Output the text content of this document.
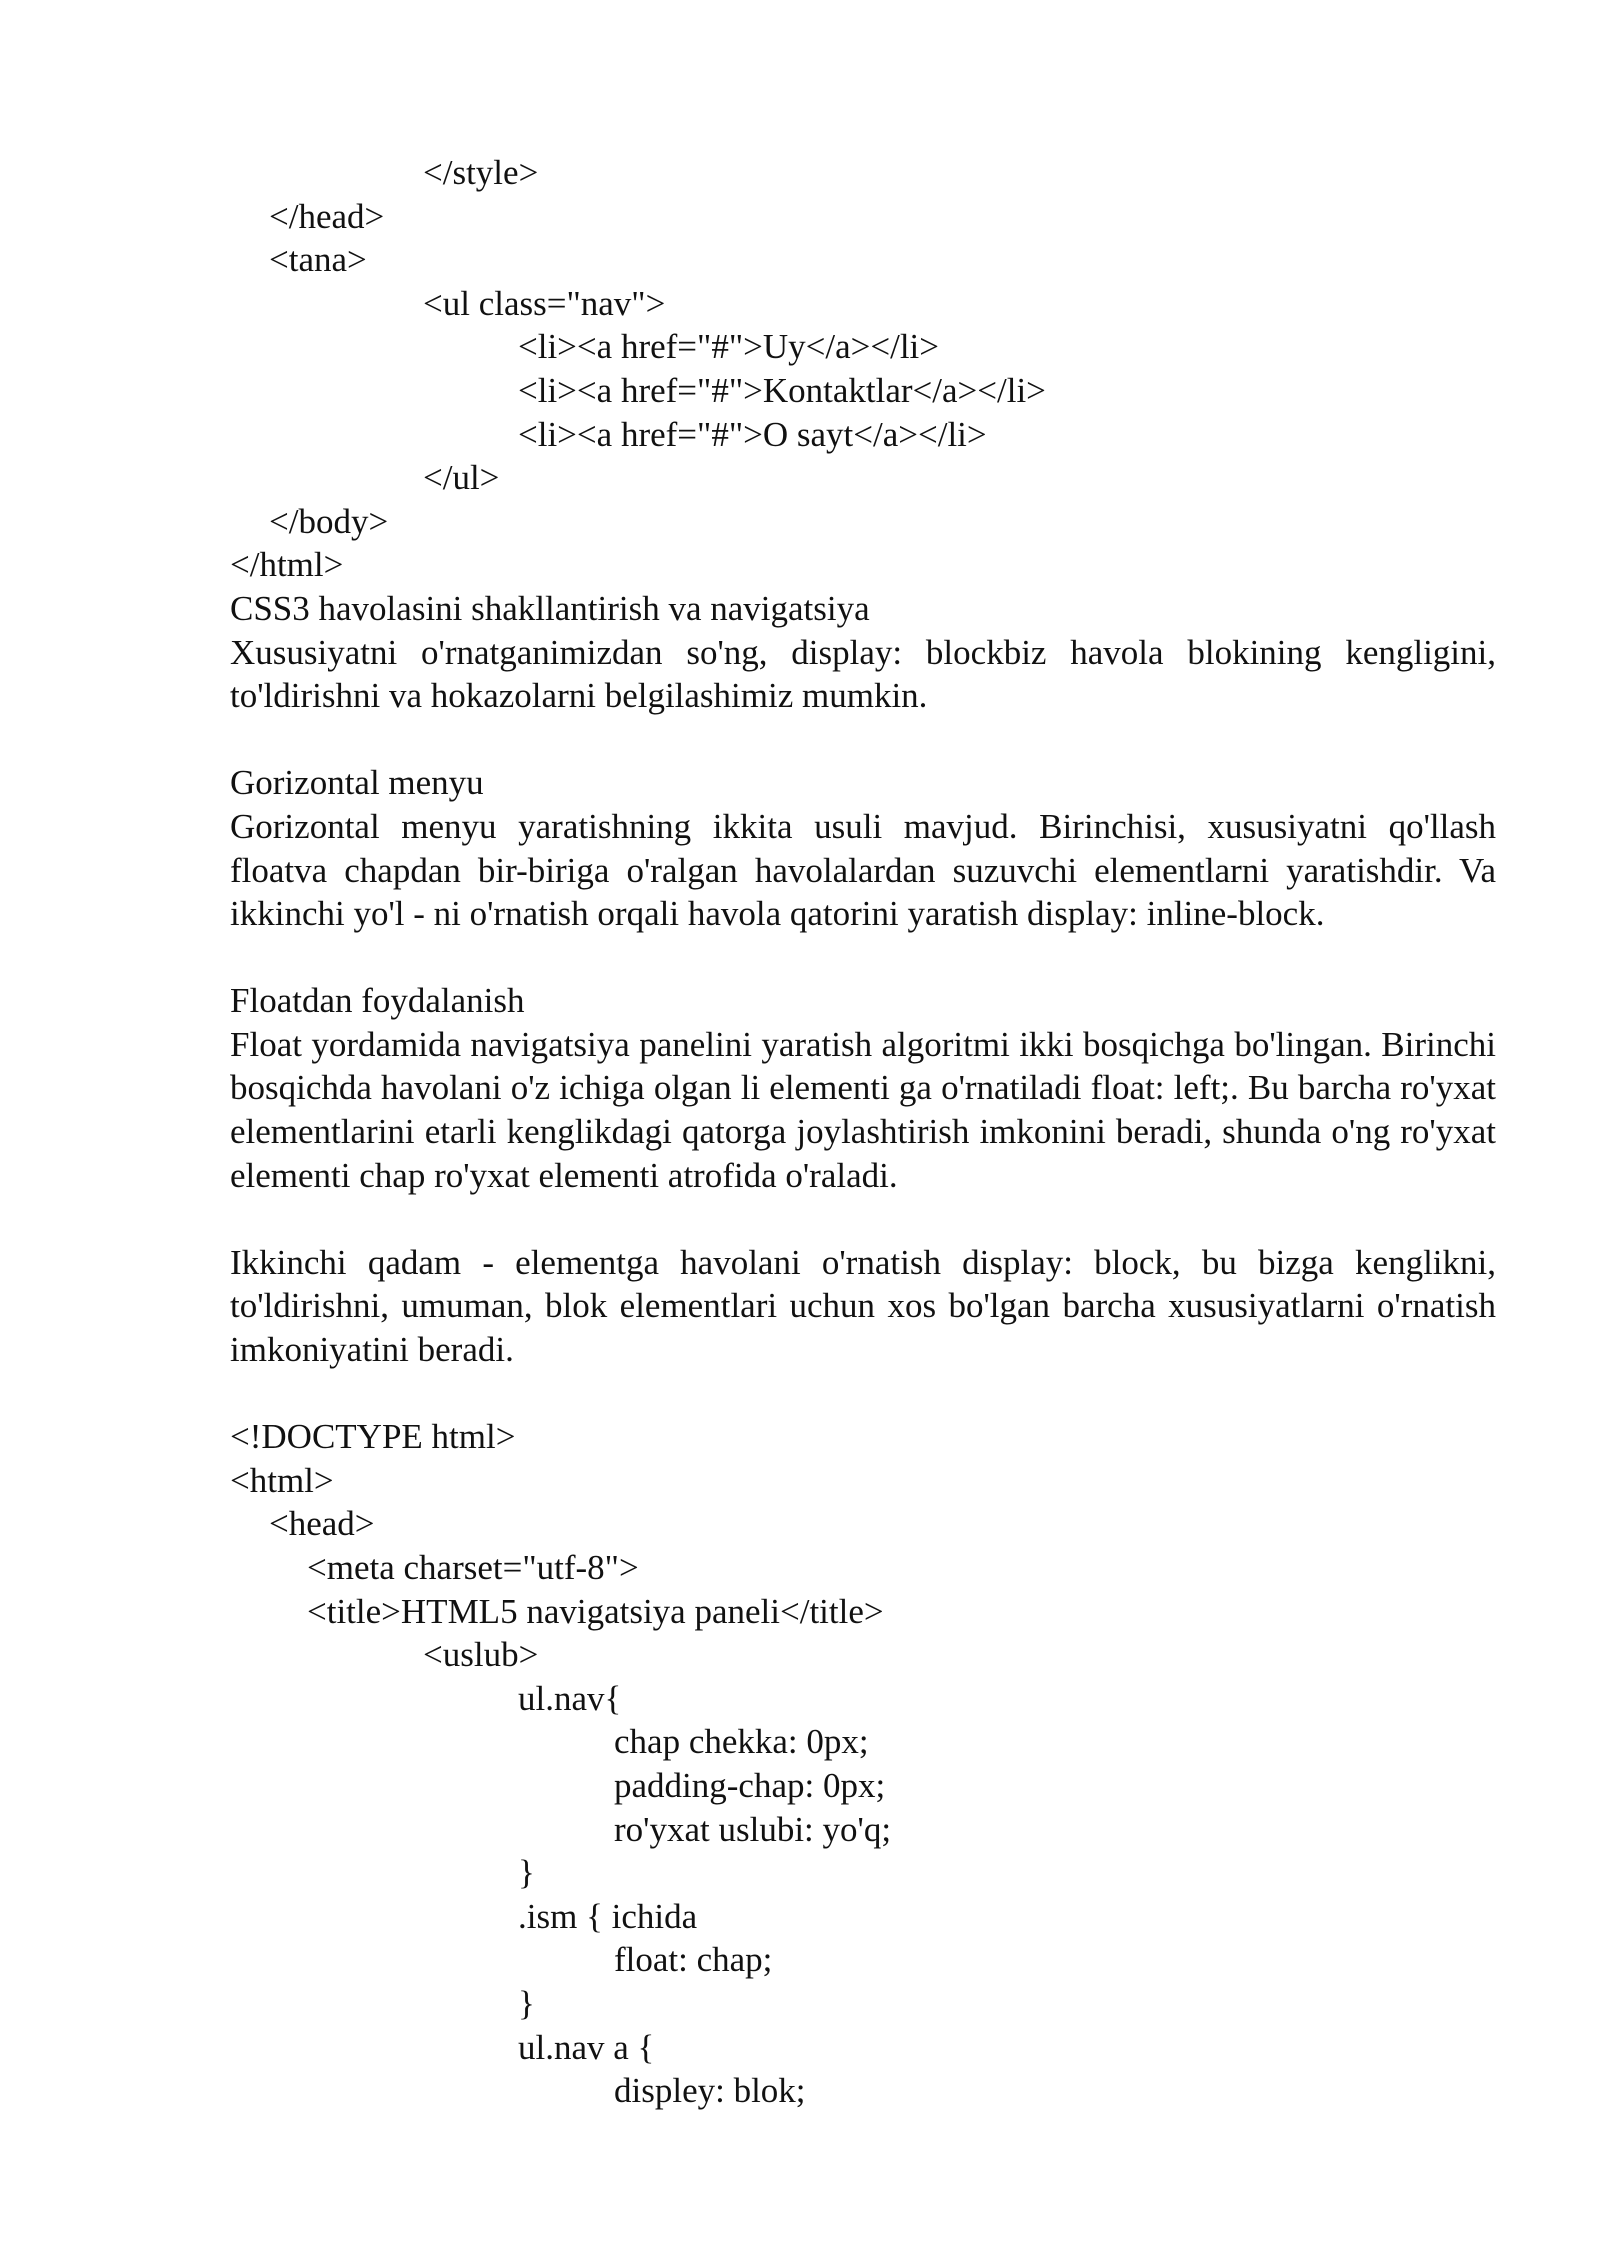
</style>
</head>
<tana>
<ul class="nav">
<li><a href="#">Uy</a></li>
<li><a href="#">Kontaktlar</a></li>
<li><a href="#">O sayt</a></li>
</ul>
</body>
</html>
CSS3 havolasini shakllantirish va navigatsiya
Xususiyatni o'rnatganimizdan so'ng, display: blockbiz havola blokining kengligini, to'ldirishni va hokazolarni belgilashimiz mumkin.
Gorizontal menyu
Gorizontal menyu yaratishning ikkita usuli mavjud. Birinchisi, xususiyatni qo'llash floatva chapdan bir-biriga o'ralgan havolalardan suzuvchi elementlarni yaratishdir. Va ikkinchi yo'l - ni o'rnatish orqali havola qatorini yaratish display: inline-block.
Floatdan foydalanish
Float yordamida navigatsiya panelini yaratish algoritmi ikki bosqichga bo'lingan. Birinchi bosqichda havolani o'z ichiga olgan li elementi ga o'rnatiladi float: left;. Bu barcha ro'yxat elementlarini etarli kenglikdagi qatorga joylashtirish imkonini beradi, shunda o'ng ro'yxat elementi chap ro'yxat elementi atrofida o'raladi.
Ikkinchi qadam - elementga havolani o'rnatish display: block, bu bizga kenglikni, to'ldirishni, umuman, blok elementlari uchun xos bo'lgan barcha xususiyatlarni o'rnatish imkoniyatini beradi.
<!DOCTYPE html>
<html>
<head>
<meta charset="utf-8">
<title>HTML5 navigatsiya paneli</title>
<uslub>
ul.nav{
chap chekka: 0px;
padding-chap: 0px;
ro'yxat uslubi: yo'q;
}
.ism { ichida
float: chap;
}
ul.nav a {
displey: blok;
